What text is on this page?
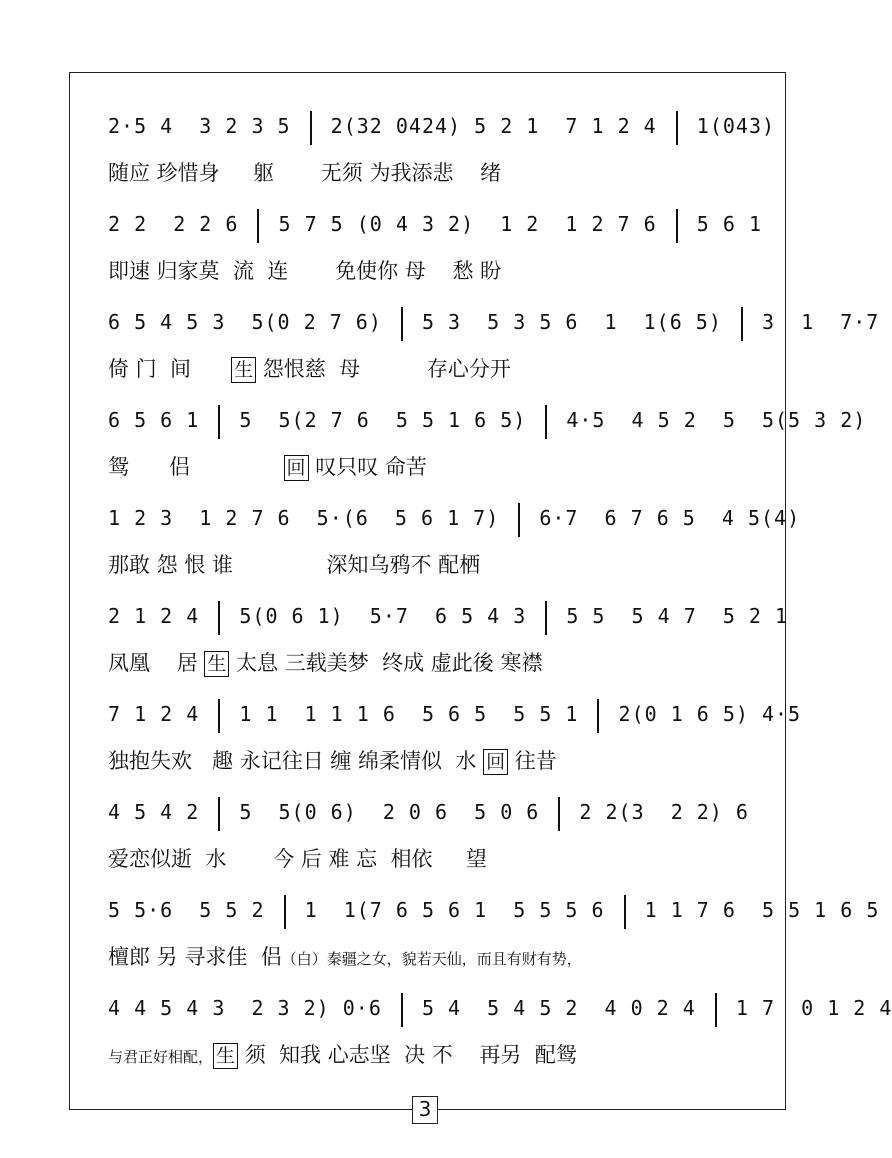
2·5 4  3 2 3 5  2(32 0424) 5 2 1  7 1 2 4  1(043)
随应 珍惜身     躯       无须 为我添悲    绪
2 2  2 2 6  5 7 5 (0 4 3 2)  1 2  1 2 7 6  5 6 1
即速 归家莫  流  连       免使你 母    愁 盼
6 5 4 5 3  5(0 2 7 6)  5 3  5 3 5 6  1  1(6 5)  3  1  7·7
倚 门  间      生 怨恨慈  母          存心分开
6 5 6 1  5  5(2 7 6  5 5 1 6 5)  4·5  4 5 2  5  5(5 3 2)
鸳      侣              回 叹只叹 命苦
1 2 3  1 2 7 6  5·(6  5 6 1 7)  6·7  6 7 6 5  4 5(4)
那敢 怨 恨 谁              深知乌鸦不 配栖
2 1 2 4  5(0 6 1)  5·7  6 5 4 3  5 5  5 4 7  5 2 1
凤凰    居 生 太息 三载美梦  终成 虚此後 寒襟
7 1 2 4  1 1  1 1 1 6  5 6 5  5 5 1  2(0 1 6 5) 4·5
独抱失欢   趣 永记往日 缠 绵柔情似  水 回 往昔
4 5 4 2  5  5(0 6)  2 0 6  5 0 6  2 2(3  2 2) 6
爱恋似逝  水       今 后 难 忘  相依     望
5 5·6  5 5 2  1  1(7 6 5 6 1  5 5 5 6  1 1 7 6  5 5 1 6 5
檀郎 另 寻求佳  侣（白）秦疆之女，貌若天仙，而且有财有势，
4 4 5 4 3  2 3 2) 0·6  5 4  5 4 5 2  4 0 2 4  1 7  0 1 2 4
与君正好相配， 生 须  知我 心志坚  决 不    再另  配鸳
3
